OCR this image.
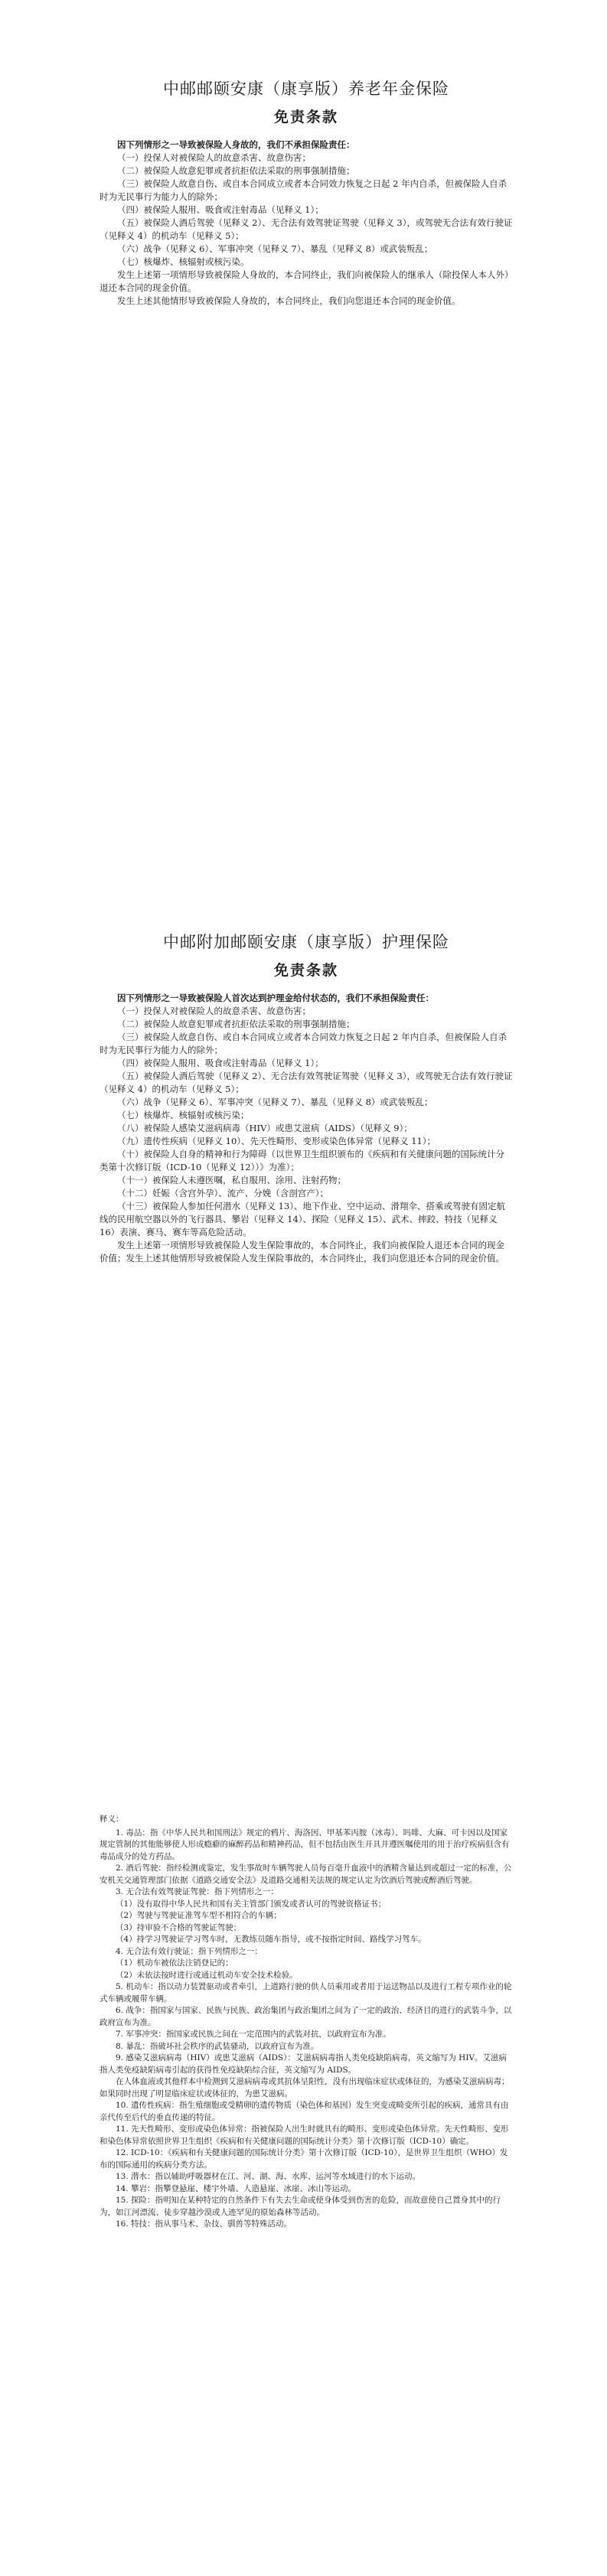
中邮邮颐安康（康享版）养老年金保险
免责条款

因下列情形之一导致被保险人身故的，我们不承担保险责任：

（一）投保人对被保险人的故意杀害、故意伤害；

（二）被保险人故意犯罪或者抗拒依法采取的刑事强制措施；

（三）被保险人故意自伤、或自本合同成立或者本合同效力恢复之日起 2 年内自杀，但被保险人自杀时为无民事行为能力人的除外；

（四）被保险人服用、吸食或注射毒品（见释义 1）；

（五）被保险人酒后驾驶（见释义 2）、无合法有效驾驶证驾驶（见释义 3），或驾驶无合法有效行驶证（见释义 4）的机动车（见释义 5）；

（六）战争（见释义 6）、军事冲突（见释义 7）、暴乱（见释义 8）或武装叛乱；

（七）核爆炸、核辐射或核污染。

发生上述第一项情形导致被保险人身故的，本合同终止，我们向被保险人的继承人（除投保人本人外）退还本合同的现金价值。

发生上述其他情形导致被保险人身故的，本合同终止，我们向您退还本合同的现金价值。

中邮附加邮颐安康（康享版）护理保险
免责条款

因下列情形之一导致被保险人首次达到护理金给付状态的，我们不承担保险责任：

（一）投保人对被保险人的故意杀害、故意伤害；

（二）被保险人故意犯罪或者抗拒依法采取的刑事强制措施；

（三）被保险人故意自伤、或自本合同成立或者本合同效力恢复之日起 2 年内自杀，但被保险人自杀时为无民事行为能力人的除外；

（四）被保险人服用、吸食或注射毒品（见释义 1）；

（五）被保险人酒后驾驶（见释义 2）、无合法有效驾驶证驾驶（见释义 3），或驾驶无合法有效行驶证（见释义 4）的机动车（见释义 5）；

（六）战争（见释义 6）、军事冲突（见释义 7）、暴乱（见释义 8）或武装叛乱；

（七）核爆炸、核辐射或核污染；

（八）被保险人感染艾滋病病毒（HIV）或患艾滋病（AIDS）（见释义 9）；

（九）遗传性疾病（见释义 10）、先天性畸形、变形或染色体异常（见释义 11）；

（十）被保险人自身的精神和行为障碍（以世界卫生组织颁布的《疾病和有关健康问题的国际统计分类第十次修订版（ICD-10（见释义 12））》为准）；

（十一）被保险人未遵医嘱，私自服用、涂用、注射药物；

（十二）妊娠（含宫外孕）、流产、分娩（含剖宫产）；

（十三）被保险人参加任何潜水（见释义 13）、地下作业、空中运动、滑翔伞、搭乘或驾驶有固定航线的民用航空器以外的飞行器具、攀岩（见释义 14）、探险（见释义 15）、武术、摔跤、特技（见释义 16）表演、赛马、赛车等高危险活动。

发生上述第一项情形导致被保险人发生保险事故的，本合同终止，我们向被保险人退还本合同的现金价值；发生上述其他情形导致被保险人发生保险事故的，本合同终止，我们向您退还本合同的现金价值。

释义：

1. 毒品：指《中华人民共和国刑法》规定的鸦片、海洛因、甲基苯丙胺（冰毒）、吗啡、大麻、可卡因以及国家规定管制的其他能够使人形成瘾癖的麻醉药品和精神药品，但不包括由医生开具并遵医嘱使用的用于治疗疾病但含有毒品成分的处方药品。

2. 酒后驾驶：指经检测或鉴定，发生事故时车辆驾驶人员每百毫升血液中的酒精含量达到或超过一定的标准，公安机关交通管理部门依据《道路交通安全法》及道路交通相关法规的规定认定为饮酒后驾驶或醉酒后驾驶。

3. 无合法有效驾驶证驾驶：指下列情形之一：

（1）没有取得中华人民共和国有关主管部门颁发或者认可的驾驶资格证书；

（2）驾驶与驾驶证准驾车型不相符合的车辆；

（3）持审验不合格的驾驶证驾驶；

（4）持学习驾驶证学习驾车时，无教练员随车指导，或不按指定时间、路线学习驾车。

4. 无合法有效行驶证：指下列情形之一：

（1）机动车被依法注销登记的；

（2）未依法按时进行或通过机动车安全技术检验。

5. 机动车：指以动力装置驱动或者牵引，上道路行驶的供人员乘用或者用于运送物品以及进行工程专项作业的轮式车辆或履带车辆。

6. 战争：指国家与国家、民族与民族、政治集团与政治集团之间为了一定的政治、经济目的进行的武装斗争，以政府宣布为准。

7. 军事冲突：指国家或民族之间在一定范围内的武装对抗，以政府宣布为准。

8. 暴乱：指破坏社会秩序的武装骚动，以政府宣布为准。

9. 感染艾滋病病毒（HIV）或患艾滋病（AIDS）：艾滋病病毒指人类免疫缺陷病毒，英文缩写为 HIV。艾滋病指人类免疫缺陷病毒引起的获得性免疫缺陷综合征，英文缩写为 AIDS。

在人体血液或其他样本中检测到艾滋病病毒或其抗体呈阳性，没有出现临床症状或体征的，为感染艾滋病病毒；如果同时出现了明显临床症状或体征的，为患艾滋病。

10. 遗传性疾病：指生殖细胞或受精卵的遗传物质（染色体和基因）发生突变或畸变所引起的疾病，通常具有由亲代传至后代的垂直传递的特征。

11. 先天性畸形、变形或染色体异常：指被保险人出生时就具有的畸形、变形或染色体异常。先天性畸形、变形和染色体异常依照世界卫生组织《疾病和有关健康问题的国际统计分类》第十次修订版（ICD-10）确定。

12. ICD-10：《疾病和有关健康问题的国际统计分类》第十次修订版（ICD-10），是世界卫生组织（WHO）发布的国际通用的疾病分类方法。

13. 潜水：指以辅助呼吸器材在江、河、湖、海、水库、运河等水域进行的水下运动。

14. 攀岩：指攀登悬崖、楼宇外墙、人造悬崖、冰崖、冰山等运动。

15. 探险：指明知在某种特定的自然条件下有失去生命或使身体受到伤害的危险，而故意使自己置身其中的行为，如江河漂流、徒步穿越沙漠或人迹罕见的原始森林等活动。

16. 特技：指从事马术、杂技、驯兽等特殊活动。
